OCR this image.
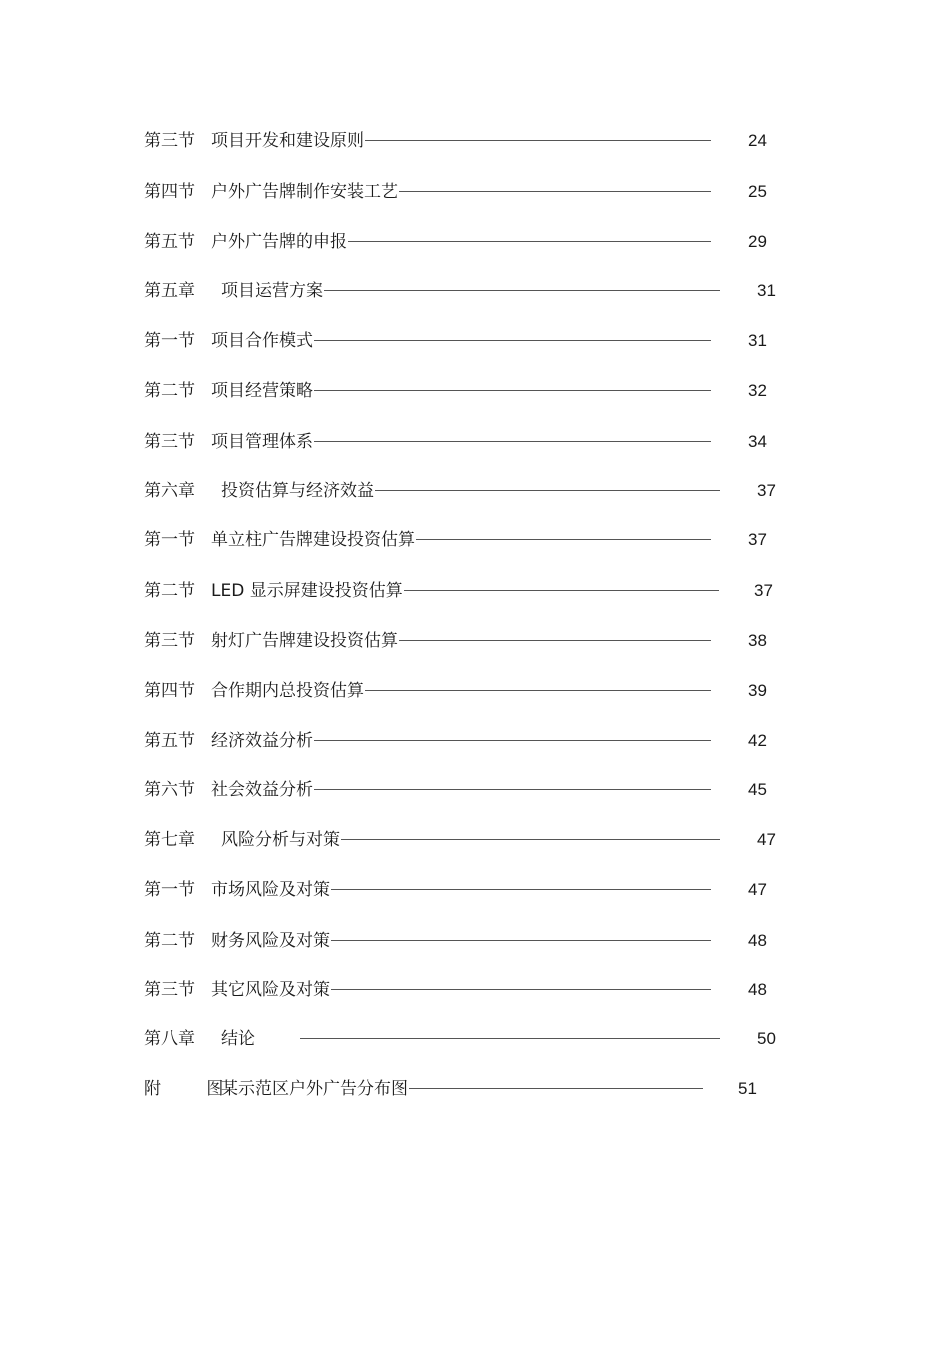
第三节 项目开发和建设原则	24
第四节 户外广告牌制作安装工艺	25
第五节 户外广告牌的申报	29
第五章 项目运营方案	31
第一节 项目合作模式	31
第二节 项目经营策略	32
第三节 项目管理体系	34
第六章 投资估算与经济效益	37
第一节 单立柱广告牌建设投资估算	37
第二节 LED 显示屏建设投资估算	37
第三节 射灯广告牌建设投资估算	38
第四节 合作期内总投资估算	39
第五节 经济效益分析	42
第六节 社会效益分析	45
第七章 风险分析与对策	47
第一节 市场风险及对策	47
第二节 财务风险及对策	48
第三节 其它风险及对策	48
第八章 结论	50
附 图某示范区户外广告分布图	51
